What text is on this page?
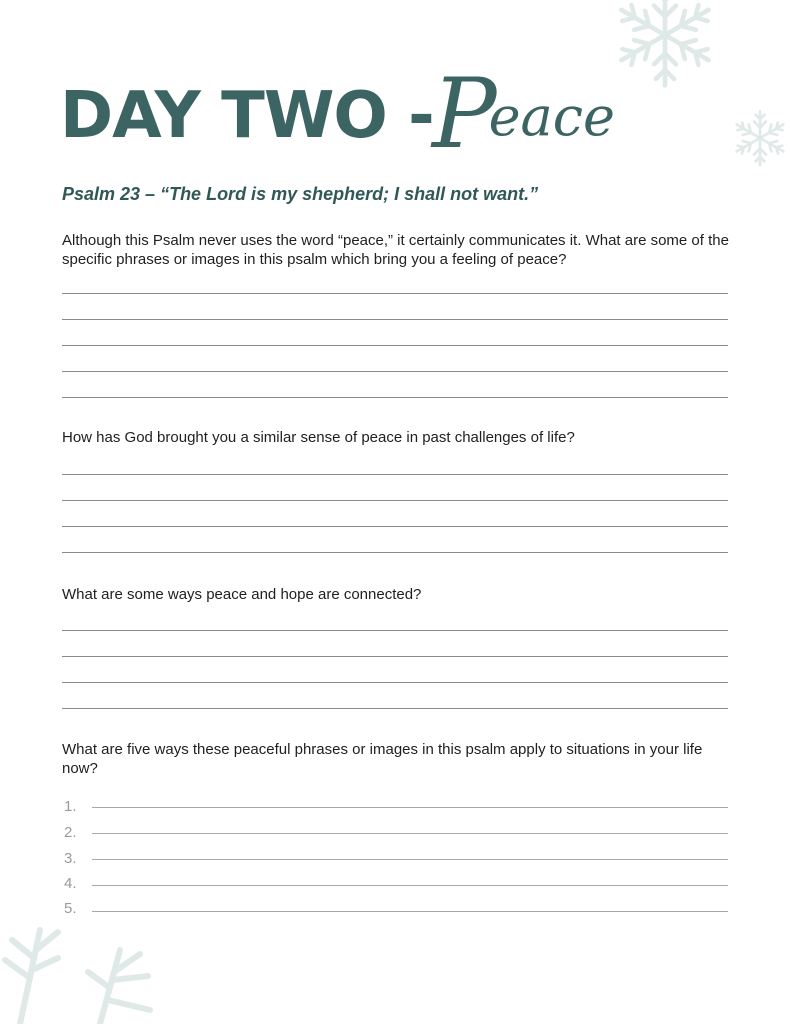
DAY TWO -
Peace
Psalm 23 – “The Lord is my shepherd; I shall not want.”
Although this Psalm never uses the word “peace,” it certainly communicates it. What are some of the specific phrases or images in this psalm which bring you a feeling of peace?
How has God brought you a similar sense of peace in past challenges of life?
What are some ways peace and hope are connected?
What are five ways these peaceful phrases or images in this psalm apply to situations in your life now?
1.
2.
3.
4.
5.
